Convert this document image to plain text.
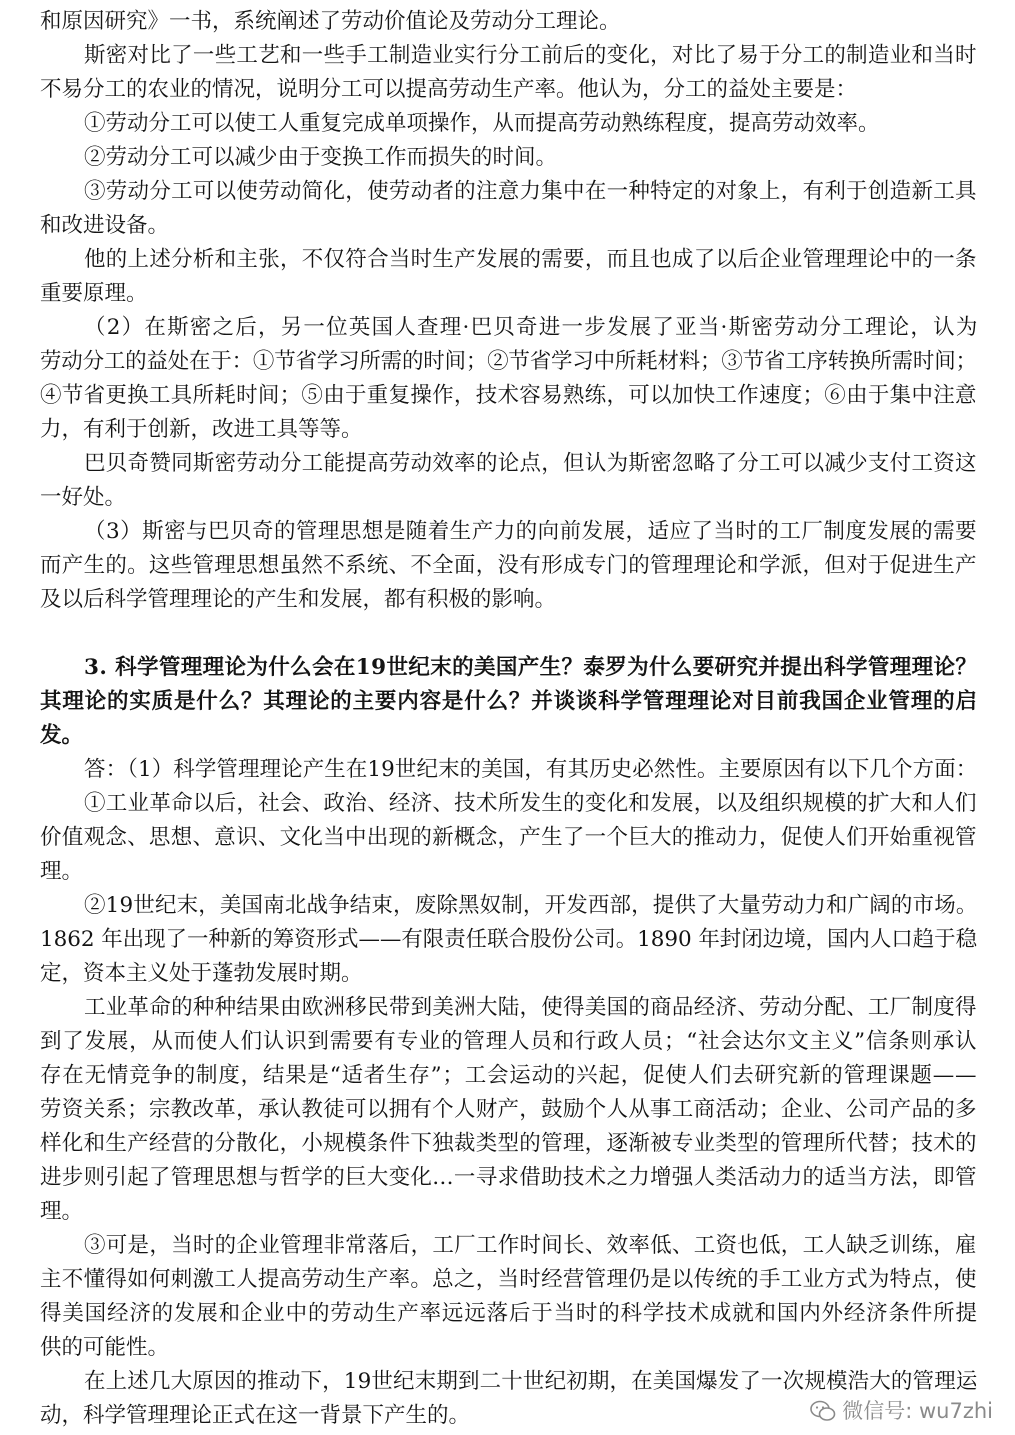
和原因研究》一书，系统阐述了劳动价值论及劳动分工理论。
斯密对比了一些工艺和一些手工制造业实行分工前后的变化，对比了易于分工的制造业和当时
不易分工的农业的情况，说明分工可以提高劳动生产率。他认为，分工的益处主要是：
①劳动分工可以使工人重复完成单项操作，从而提高劳动熟练程度，提高劳动效率。
②劳动分工可以减少由于变换工作而损失的时间。
③劳动分工可以使劳动简化，使劳动者的注意力集中在一种特定的对象上，有利于创造新工具
和改进设备。
他的上述分析和主张，不仅符合当时生产发展的需要，而且也成了以后企业管理理论中的一条
重要原理。
（2）在斯密之后，另一位英国人查理·巴贝奇进一步发展了亚当·斯密劳动分工理论，认为
劳动分工的益处在于：①节省学习所需的时间；②节省学习中所耗材料；③节省工序转换所需时间；
④节省更换工具所耗时间；⑤由于重复操作，技术容易熟练，可以加快工作速度；⑥由于集中注意
力，有利于创新，改进工具等等。
巴贝奇赞同斯密劳动分工能提高劳动效率的论点，但认为斯密忽略了分工可以减少支付工资这
一好处。
（3）斯密与巴贝奇的管理思想是随着生产力的向前发展，适应了当时的工厂制度发展的需要
而产生的。这些管理思想虽然不系统、不全面，没有形成专门的管理理论和学派，但对于促进生产
及以后科学管理理论的产生和发展，都有积极的影响。
3. 科学管理理论为什么会在19世纪末的美国产生？泰罗为什么要研究并提出科学管理理论？
其理论的实质是什么？其理论的主要内容是什么？并谈谈科学管理理论对目前我国企业管理的启
发。
答：（1）科学管理理论产生在19世纪末的美国，有其历史必然性。主要原因有以下几个方面：
①工业革命以后，社会、政治、经济、技术所发生的变化和发展，以及组织规模的扩大和人们
价值观念、思想、意识、文化当中出现的新概念，产生了一个巨大的推动力，促使人们开始重视管
理。
②19世纪末，美国南北战争结束，废除黑奴制，开发西部，提供了大量劳动力和广阔的市场。
1862 年出现了一种新的筹资形式——有限责任联合股份公司。1890 年封闭边境，国内人口趋于稳
定，资本主义处于蓬勃发展时期。
工业革命的种种结果由欧洲移民带到美洲大陆，使得美国的商品经济、劳动分配、工厂制度得
到了发展，从而使人们认识到需要有专业的管理人员和行政人员；“社会达尔文主义”信条则承认
存在无情竞争的制度，结果是“适者生存”；工会运动的兴起，促使人们去研究新的管理课题——
劳资关系；宗教改革，承认教徒可以拥有个人财产，鼓励个人从事工商活动；企业、公司产品的多
样化和生产经营的分散化，小规模条件下独裁类型的管理，逐渐被专业类型的管理所代替；技术的
进步则引起了管理思想与哲学的巨大变化…一寻求借助技术之力增强人类活动力的适当方法，即管
理。
③可是，当时的企业管理非常落后，工厂工作时间长、效率低、工资也低，工人缺乏训练，雇
主不懂得如何刺激工人提高劳动生产率。总之，当时经营管理仍是以传统的手工业方式为特点，使
得美国经济的发展和企业中的劳动生产率远远落后于当时的科学技术成就和国内外经济条件所提
供的可能性。
在上述几大原因的推动下，19世纪末期到二十世纪初期，在美国爆发了一次规模浩大的管理运
动，科学管理理论正式在这一背景下产生的。	微信号: wu7zhi
